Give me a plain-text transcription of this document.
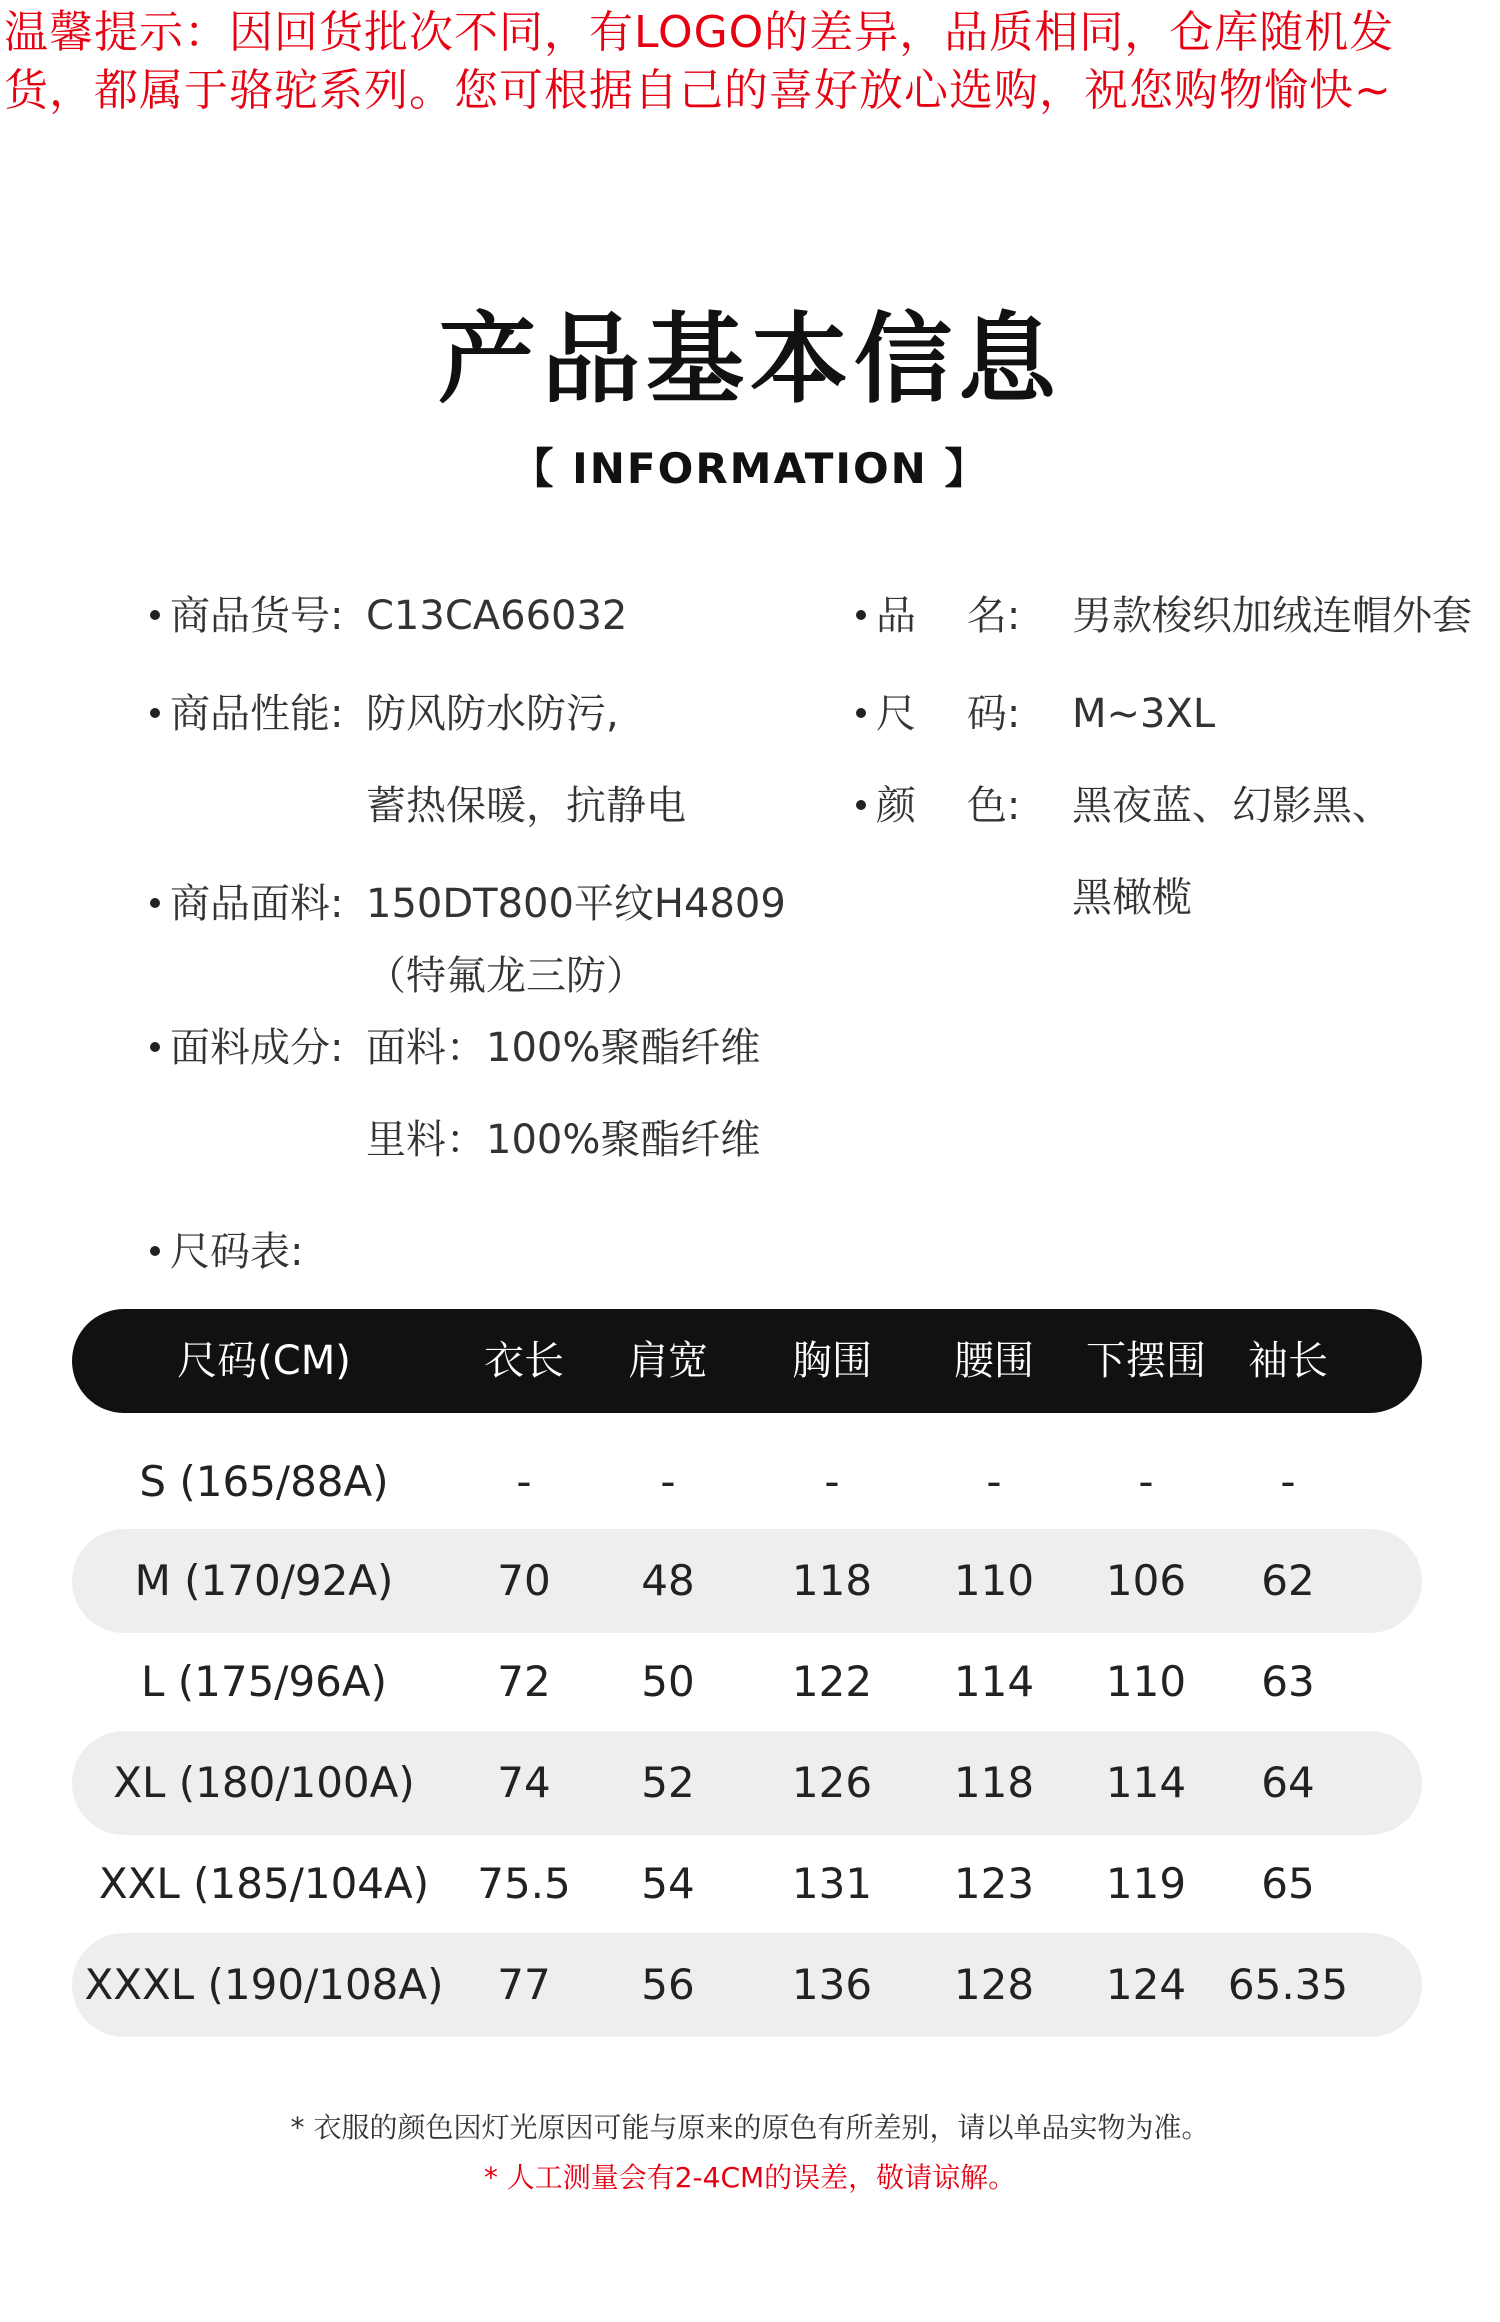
温馨提示：因回货批次不同，有LOGO的差异，品质相同，仓库随机发
货，都属于骆驼系列。您可根据自己的喜好放心选购，祝您购物愉快~
产品基本信息
【 INFORMATION 】
商品货号: C13CA66032
商品性能: 防风防水防污,
蓄热保暖，抗静电
商品面料: 150DT800平纹H4809
（特氟龙三防）
面料成分: 面料：100%聚酯纤维
里料：100%聚酯纤维
尺码表:
品    名: 男款梭织加绒连帽外套
尺    码: M~3XL
颜    色: 黑夜蓝、幻影黑、
黑橄榄
尺码(CM)	衣长 肩宽 胸围 腰围 下摆围 袖长
S (165/88A)	-	-	-	-	-	-
M (170/92A) 70 48 118 110 106 62
L (175/96A)	72 50 122 114 110 63
XL (180/100A) 74 52 126 118 114 64
XXL (185/104A) 75.5 54 131 123 119 65
XXXL (190/108A) 77 56 136 128 124 65.35
* 衣服的颜色因灯光原因可能与原来的原色有所差别，请以单品实物为准。
* 人工测量会有2-4CM的误差，敬请谅解。
